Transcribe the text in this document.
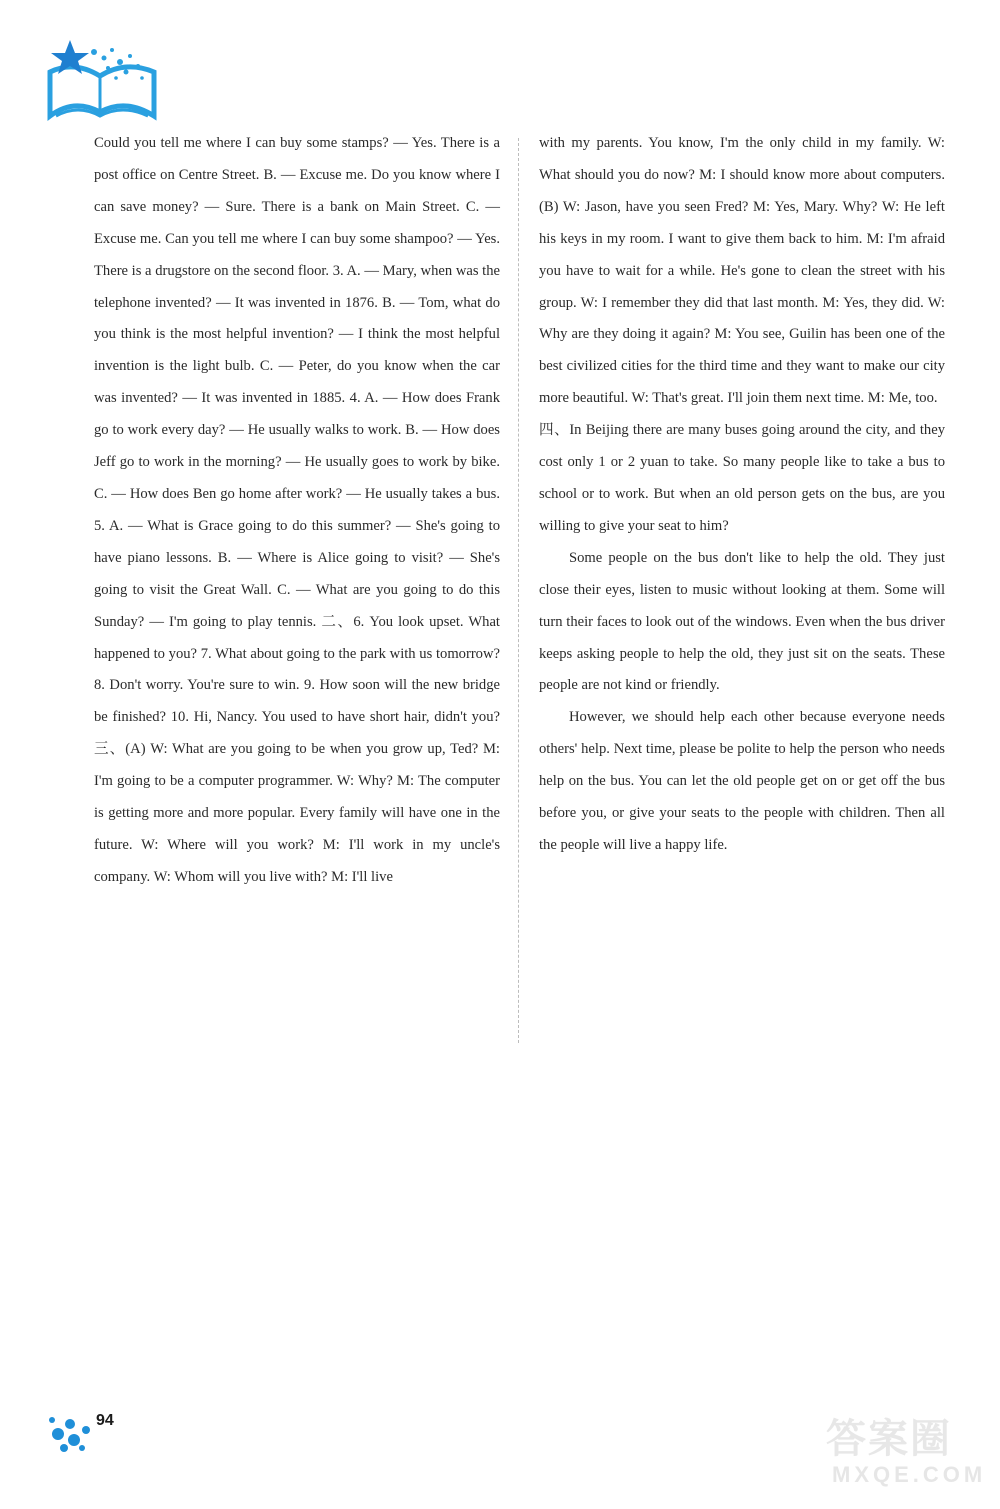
Could you tell me where I can buy some stamps? — Yes. There is a post office on Centre Street. B. — Excuse me. Do you know where I can save money? — Sure. There is a bank on Main Street. C. — Excuse me. Can you tell me where I can buy some shampoo? — Yes. There is a drugstore on the second floor. 3. A. — Mary, when was the telephone invented? — It was invented in 1876. B. — Tom, what do you think is the most helpful invention? — I think the most helpful invention is the light bulb. C. — Peter, do you know when the car was invented? — It was invented in 1885. 4. A. — How does Frank go to work every day? — He usually walks to work. B. — How does Jeff go to work in the morning? — He usually goes to work by bike. C. — How does Ben go home after work? — He usually takes a bus. 5. A. — What is Grace going to do this summer? — She's going to have piano lessons. B. — Where is Alice going to visit? — She's going to visit the Great Wall. C. — What are you going to do this Sunday? — I'm going to play tennis. 二、6. You look upset. What happened to you? 7. What about going to the park with us tomorrow? 8. Don't worry. You're sure to win. 9. How soon will the new bridge be finished? 10. Hi, Nancy. You used to have short hair, didn't you? 三、(A) W: What are you going to be when you grow up, Ted? M: I'm going to be a computer programmer. W: Why? M: The computer is getting more and more popular. Every family will have one in the future. W: Where will you work? M: I'll work in my uncle's company. W: Whom will you live with? M: I'll live

with my parents. You know, I'm the only child in my family. W: What should you do now? M: I should know more about computers. (B) W: Jason, have you seen Fred? M: Yes, Mary. Why? W: He left his keys in my room. I want to give them back to him. M: I'm afraid you have to wait for a while. He's gone to clean the street with his group. W: I remember they did that last month. M: Yes, they did. W: Why are they doing it again? M: You see, Guilin has been one of the best civilized cities for the third time and they want to make our city more beautiful. W: That's great. I'll join them next time. M: Me, too.

四、In Beijing there are many buses going around the city, and they cost only 1 or 2 yuan to take. So many people like to take a bus to school or to work. But when an old person gets on the bus, are you willing to give your seat to him?

Some people on the bus don't like to help the old. They just close their eyes, listen to music without looking at them. Some will turn their faces to look out of the windows. Even when the bus driver keeps asking people to help the old, they just sit on the seats. These people are not kind or friendly.

However, we should help each other because everyone needs others' help. Next time, please be polite to help the person who needs help on the bus. You can let the old people get on or get off the bus before you, or give your seats to the people with children. Then all the people will live a happy life.

94	答案圈
MXQE.COM
